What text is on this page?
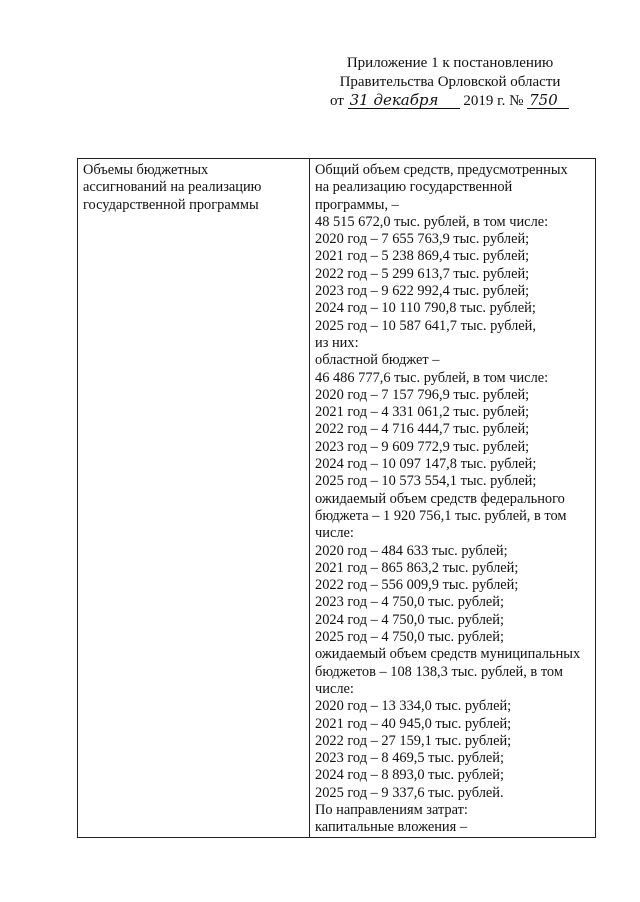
Приложение 1 к постановлению
Правительства Орловской области
от 31 декабря 2019 г. № 750
Объемы бюджетных
ассигнований на реализацию
государственной программы

Общий объем средств, предусмотренных
на реализацию государственной
программы, –
48 515 672,0 тыс. рублей, в том числе:
2020 год – 7 655 763,9 тыс. рублей;
2021 год – 5 238 869,4 тыс. рублей;
2022 год – 5 299 613,7 тыс. рублей;
2023 год – 9 622 992,4 тыс. рублей;
2024 год – 10 110 790,8 тыс. рублей;
2025 год – 10 587 641,7 тыс. рублей,
из них:
областной бюджет –
46 486 777,6 тыс. рублей, в том числе:
2020 год – 7 157 796,9 тыс. рублей;
2021 год – 4 331 061,2 тыс. рублей;
2022 год – 4 716 444,7 тыс. рублей;
2023 год – 9 609 772,9 тыс. рублей;
2024 год – 10 097 147,8 тыс. рублей;
2025 год – 10 573 554,1 тыс. рублей;
ожидаемый объем средств федерального
бюджета – 1 920 756,1 тыс. рублей, в том
числе:
2020 год – 484 633 тыс. рублей;
2021 год – 865 863,2 тыс. рублей;
2022 год – 556 009,9 тыс. рублей;
2023 год – 4 750,0 тыс. рублей;
2024 год – 4 750,0 тыс. рублей;
2025 год – 4 750,0 тыс. рублей;
ожидаемый объем средств муниципальных
бюджетов – 108 138,3 тыс. рублей, в том
числе:
2020 год – 13 334,0 тыс. рублей;
2021 год – 40 945,0 тыс. рублей;
2022 год – 27 159,1 тыс. рублей;
2023 год – 8 469,5 тыс. рублей;
2024 год – 8 893,0 тыс. рублей;
2025 год – 9 337,6 тыс. рублей.
По направлениям затрат:
капитальные вложения –
